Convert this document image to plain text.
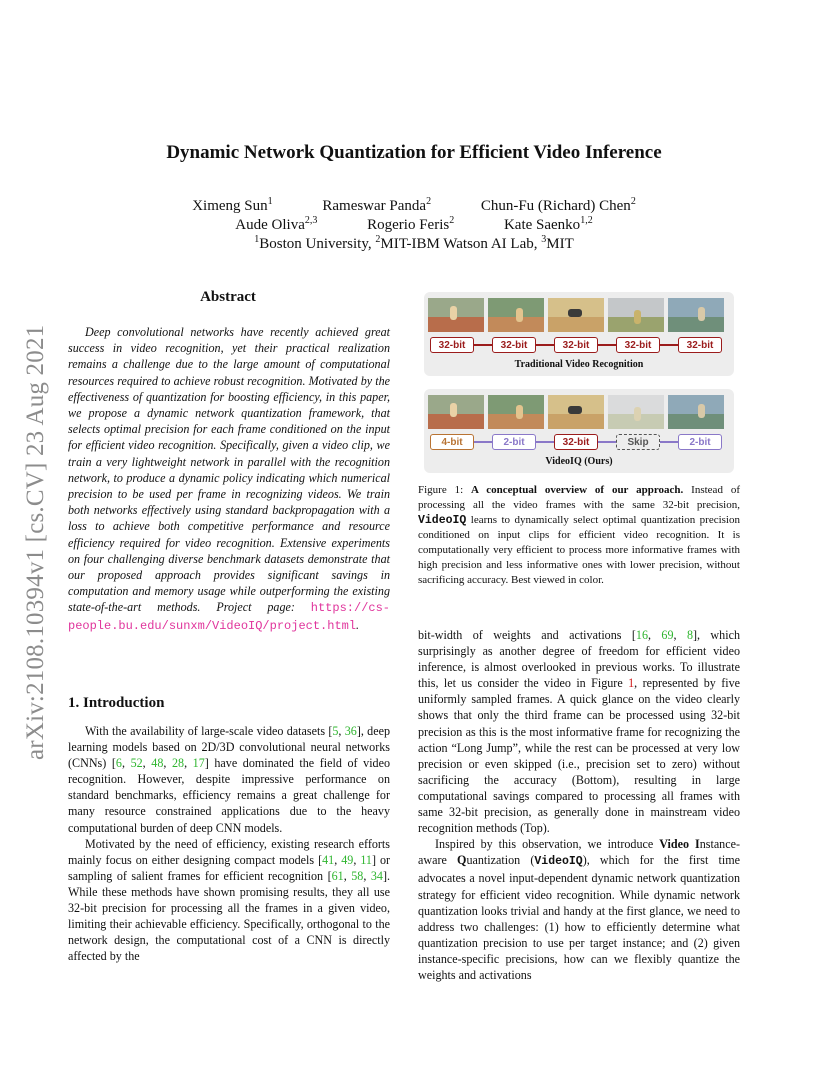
arXiv:2108.10394v1 [cs.CV] 23 Aug 2021
Dynamic Network Quantization for Efficient Video Inference
Ximeng Sun$^1$	Rameswar Panda$^2$	Chun-Fu (Richard) Chen$^2$
Aude Oliva$^{2,3}$	Rogerio Feris$^2$	Kate Saenko$^{1,2}$
$^1$Boston University, $^2$MIT-IBM Watson AI Lab, $^3$MIT
Abstract

Deep convolutional networks have recently achieved great success in video recognition, yet their practical realization remains a challenge due to the large amount of computational resources required to achieve robust recognition. Motivated by the effectiveness of quantization for boosting efficiency, in this paper, we propose a dynamic network quantization framework, that selects optimal precision for each frame conditioned on the input for efficient video recognition. Specifically, given a video clip, we train a very lightweight network in parallel with the recognition network, to produce a dynamic policy indicating which numerical precision to be used per frame in recognizing videos. We train both networks effectively using standard backpropagation with a loss to achieve both competitive performance and resource efficiency required for video recognition. Extensive experiments on four challenging diverse benchmark datasets demonstrate that our proposed approach provides significant savings in computation and memory usage while outperforming the existing state-of-the-art methods. Project page: https://cs-people.bu.edu/sunxm/VideoIQ/project.html.

1. Introduction

With the availability of large-scale video datasets [5, 36], deep learning models based on 2D/3D convolutional neural networks (CNNs) [6, 52, 48, 28, 17] have dominated the field of video recognition. However, despite impressive performance on standard benchmarks, efficiency remains a great challenge for many resource constrained applications due to the heavy computational burden of deep CNN models.

Motivated by the need of efficiency, existing research efforts mainly focus on either designing compact models [41, 49, 11] or sampling of salient frames for efficient recognition [61, 58, 34]. While these methods have shown promising results, they all use 32-bit precision for processing all the frames in a given video, limiting their achievable efficiency. Specifically, orthogonal to the network design, the computational cost of a CNN is directly affected by the

32-bit	32-bit	32-bit	32-bit	32-bit
Traditional Video Recognition
4-bit	2-bit	32-bit	Skip	2-bit
VideoIQ (Ours)
Figure 1: A conceptual overview of our approach. Instead of processing all the video frames with the same 32-bit precision, VideoIQ learns to dynamically select optimal quantization precision conditioned on input clips for efficient video recognition. It is computationally very efficient to process more informative frames with high precision and less informative ones with lower precision, without sacrificing accuracy. Best viewed in color.

bit-width of weights and activations [16, 69, 8], which surprisingly as another degree of freedom for efficient video inference, is almost overlooked in previous works. To illustrate this, let us consider the video in Figure 1, represented by five uniformly sampled frames. A quick glance on the video clearly shows that only the third frame can be processed using 32-bit precision as this is the most informative frame for recognizing the action “Long Jump”, while the rest can be processed at very low precision or even skipped (i.e., precision set to zero) without sacrificing the accuracy (Bottom), resulting in large computational savings compared to processing all frames with same 32-bit precision, as generally done in mainstream video recognition methods (Top).

Inspired by this observation, we introduce Video Instance-aware Quantization (VideoIQ), which for the first time advocates a novel input-dependent dynamic network quantization strategy for efficient video recognition. While dynamic network quantization looks trivial and handy at the first glance, we need to address two challenges: (1) how to efficiently determine what quantization precision to use per target instance; and (2) given instance-specific precisions, how can we flexibly quantize the weights and activations
